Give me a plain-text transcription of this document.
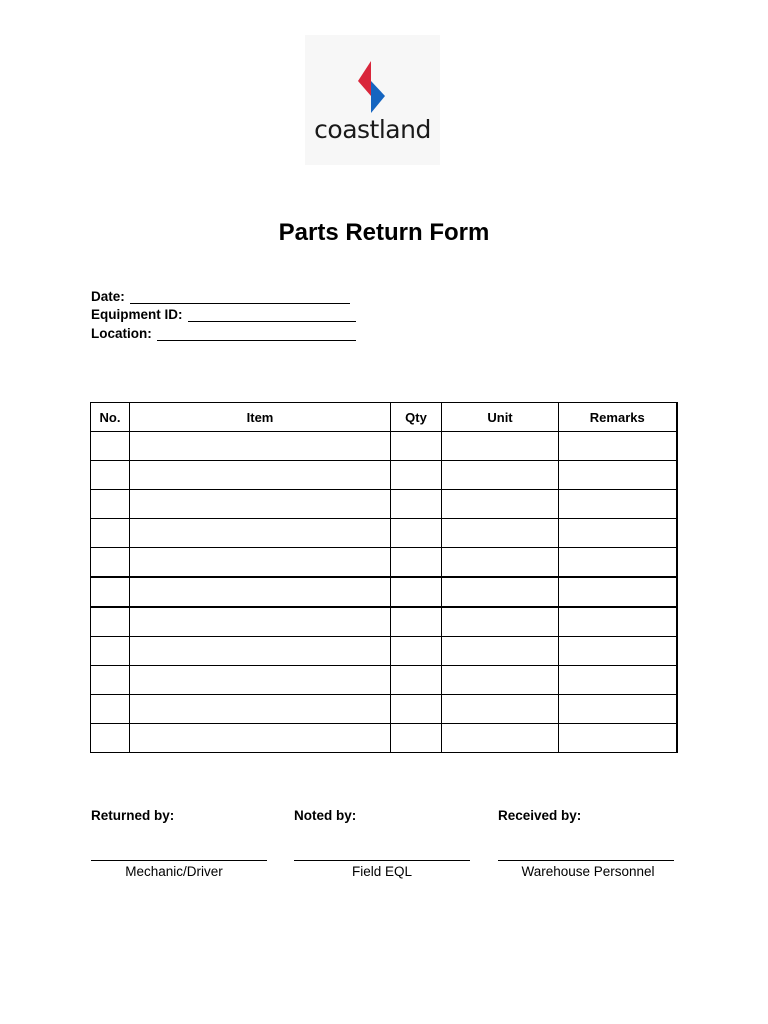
coastland
Parts Return Form
Date:
Equipment ID:
Location:
No.	Item	Qty	Unit	Remarks

Returned by:	Noted by:	Received by:
Mechanic/Driver	Field EQL	Warehouse Personnel
